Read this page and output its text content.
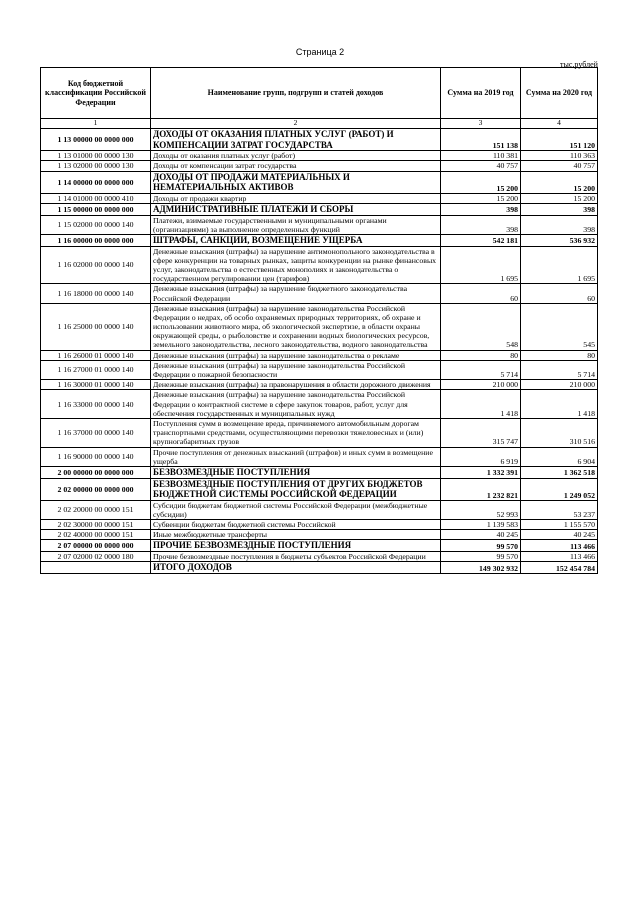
Страница 2
тыс.рублей
Код бюджетной классификации Российской Федерации	Наименование групп, подгрупп и статей доходов	Сумма на 2019 год	Сумма на 2020 год
1	2	3	4
1 13 00000 00 0000 000	ДОХОДЫ ОТ ОКАЗАНИЯ ПЛАТНЫХ УСЛУГ (РАБОТ) И КОМПЕНСАЦИИ ЗАТРАТ ГОСУДАРСТВА	151 138	151 120
1 13 01000 00 0000 130	Доходы от оказания платных услуг (работ)	110 381	110 363
1 13 02000 00 0000 130	Доходы от компенсации затрат государства	40 757	40 757
1 14 00000 00 0000 000	ДОХОДЫ ОТ ПРОДАЖИ МАТЕРИАЛЬНЫХ И НЕМАТЕРИАЛЬНЫХ АКТИВОВ	15 200	15 200
1 14 01000 00 0000 410	Доходы от продажи квартир	15 200	15 200
1 15 00000 00 0000 000	АДМИНИСТРАТИВНЫЕ ПЛАТЕЖИ И СБОРЫ	398	398
1 15 02000 00 0000 140	Платежи, взимаемые государственными и муниципальными органами (организациями) за выполнение определенных функций	398	398
1 16 00000 00 0000 000	ШТРАФЫ, САНКЦИИ, ВОЗМЕЩЕНИЕ УЩЕРБА	542 181	536 932
1 16 02000 00 0000 140	Денежные взыскания (штрафы) за нарушение антимонопольного законодательства в сфере конкуренции на товарных рынках, защиты конкуренции на рынке финансовых услуг, законодательства о естественных монополиях и законодательства о государственном регулировании цен (тарифов)	1 695	1 695
1 16 18000 00 0000 140	Денежные взыскания (штрафы) за нарушение бюджетного законодательства Российской Федерации	60	60
1 16 25000 00 0000 140	Денежные взыскания (штрафы) за нарушение законодательства Российской Федерации о недрах, об особо охраняемых природных территориях, об охране и использовании животного мира, об экологической экспертизе, в области охраны окружающей среды, о рыболовстве и сохранении водных биологических ресурсов, земельного законодательства, лесного законодательства, водного законодательства	548	545
1 16 26000 01 0000 140	Денежные взыскания (штрафы) за нарушение законодательства о рекламе	80	80
1 16 27000 01 0000 140	Денежные взыскания (штрафы) за нарушение законодательства Российской Федерации о пожарной безопасности	5 714	5 714
1 16 30000 01 0000 140	Денежные взыскания (штрафы) за правонарушения в области дорожного движения	210 000	210 000
1 16 33000 00 0000 140	Денежные взыскания (штрафы) за нарушение законодательства Российской Федерации о контрактной системе в сфере закупок товаров, работ, услуг для обеспечения государственных и муниципальных нужд	1 418	1 418
1 16 37000 00 0000 140	Поступления сумм в возмещение вреда, причиняемого автомобильным дорогам транспортными средствами, осуществляющими перевозки тяжеловесных и (или) крупногабаритных грузов	315 747	310 516
1 16 90000 00 0000 140	Прочие поступления от денежных взысканий (штрафов) и иных сумм в возмещение ущерба	6 919	6 904
2 00 00000 00 0000 000	БЕЗВОЗМЕЗДНЫЕ ПОСТУПЛЕНИЯ	1 332 391	1 362 518
2 02 00000 00 0000 000	БЕЗВОЗМЕЗДНЫЕ ПОСТУПЛЕНИЯ ОТ ДРУГИХ БЮДЖЕТОВ БЮДЖЕТНОЙ СИСТЕМЫ РОССИЙСКОЙ ФЕДЕРАЦИИ	1 232 821	1 249 052
2 02 20000 00 0000 151	Субсидии бюджетам бюджетной системы Российской Федерации (межбюджетные субсидии)	52 993	53 237
2 02 30000 00 0000 151	Субвенции бюджетам бюджетной системы Российской	1 139 583	1 155 570
2 02 40000 00 0000 151	Иные межбюджетные трансферты	40 245	40 245
2 07 00000 00 0000 000	ПРОЧИЕ БЕЗВОЗМЕЗДНЫЕ ПОСТУПЛЕНИЯ	99 570	113 466
2 07 02000 02 0000 180	Прочие безвозмездные поступления в бюджеты субъектов Российской Федерации	99 570	113 466
	ИТОГО ДОХОДОВ	149 302 932	152 454 784
